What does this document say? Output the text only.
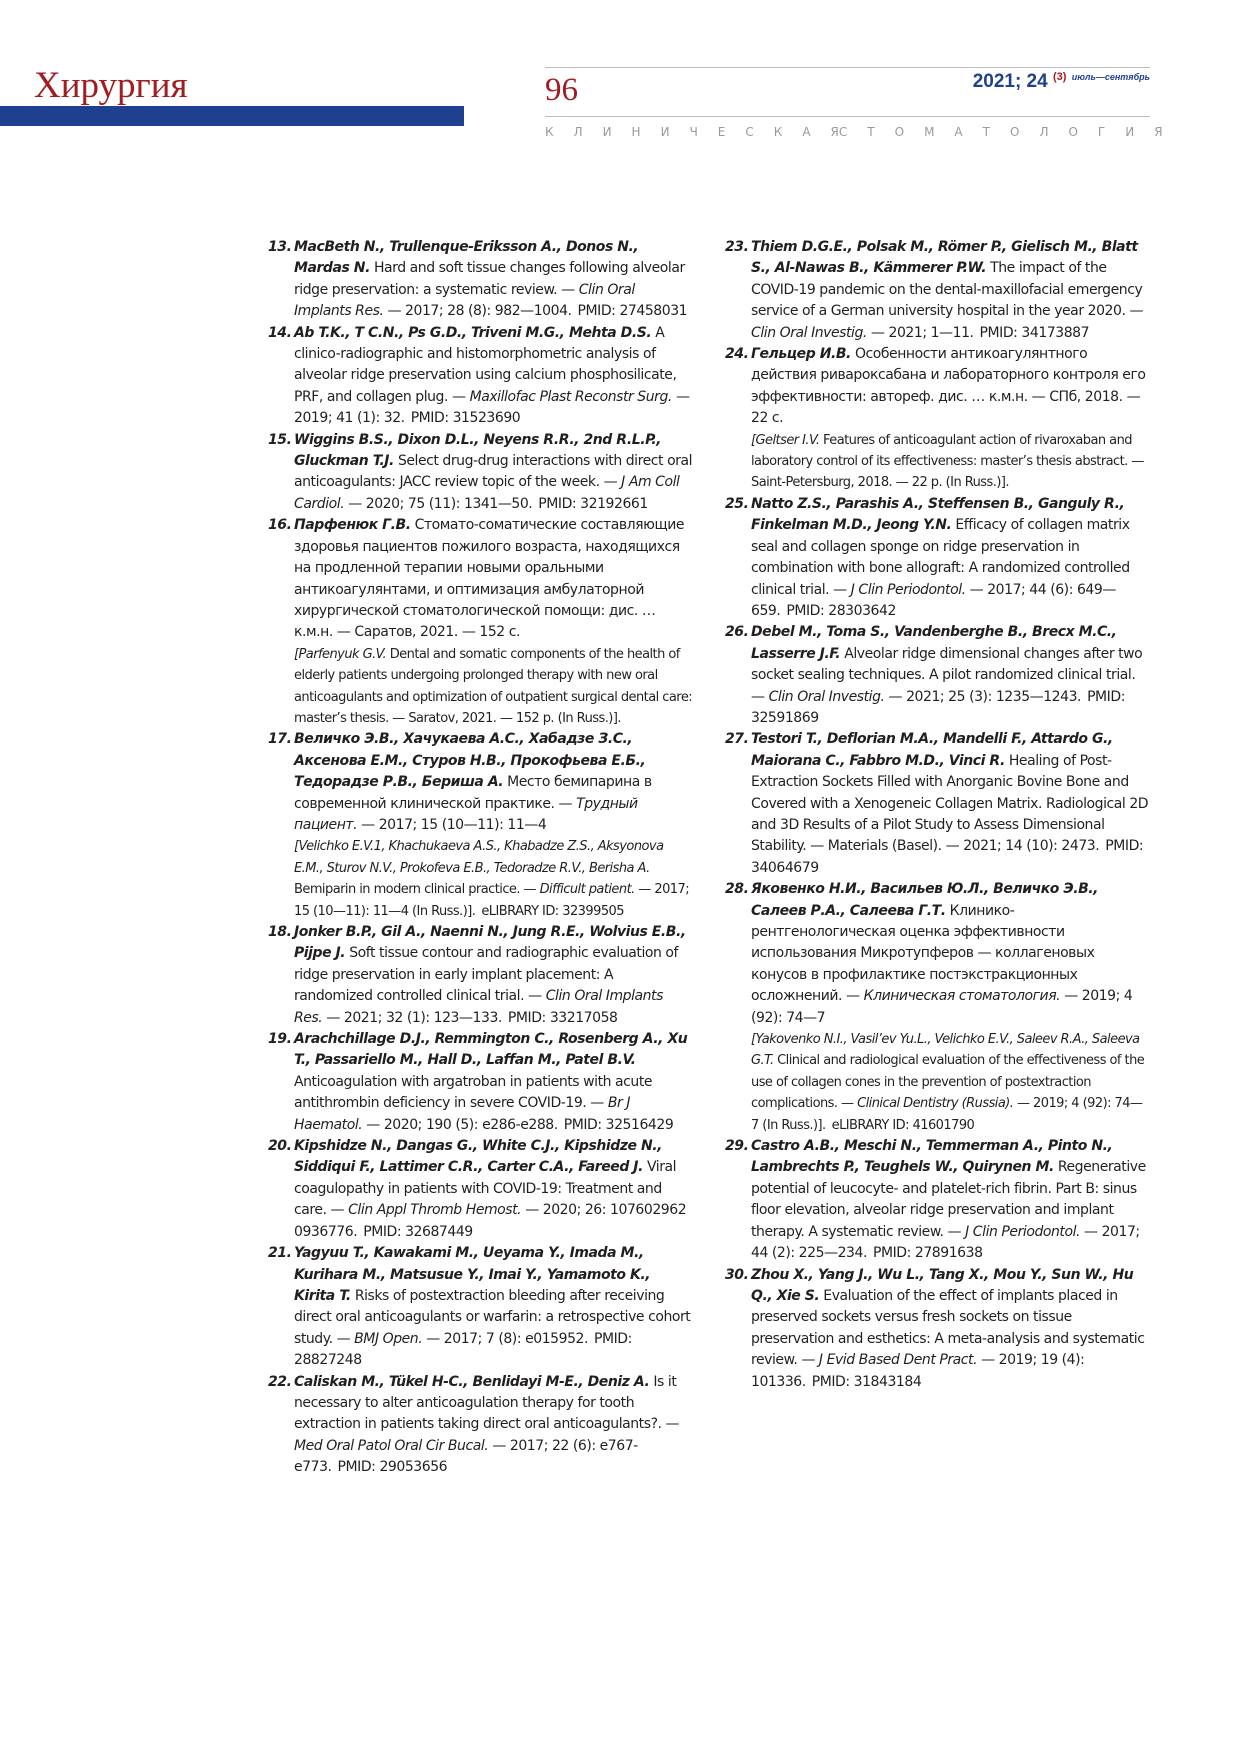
Хирургия	96	2021; 24 $^{(3)}$ $^{июль—сентябрь}$
К Л И Н И Ч Е С К А Я С Т О М А Т О Л О Г И Я
13. MacBeth N., Trullenque-Eriksson A., Donos N., Mardas N. Hard and soft tissue changes following alveolar ridge preservation: a systematic review. — Clin Oral Implants Res. — 2017; 28 (8): 982—1004. PMID: 27458031
14. Ab T.K., T C.N., Ps G.D., Triveni M.G., Mehta D.S. A clinico-radiographic and histomorphometric analysis of alveolar ridge preservation using calcium phosphosilicate, PRF, and collagen plug. — Maxillofac Plast Reconstr Surg. — 2019; 41 (1): 32. PMID: 31523690
15. Wiggins B.S., Dixon D.L., Neyens R.R., 2nd R.L.P., Gluckman T.J. Select drug-drug interactions with direct oral anticoagulants: JACC review topic of the week. — J Am Coll Cardiol. — 2020; 75 (11): 1341—50. PMID: 32192661
16. Парфенюк Г.В. Стомато-соматические составляющие здоровья пациентов пожилого возраста, находящихся на продленной терапии новыми оральными антикоагулянтами, и оптимизация амбулаторной хирургической стоматологической помощи: дис. … к.м.н. — Саратов, 2021. — 152 с.
[Parfenyuk G.V. Dental and somatic components of the health of elderly patients undergoing prolonged therapy with new oral anticoagulants and optimization of outpatient surgical dental care: master’s thesis. — Saratov, 2021. — 152 p. (In Russ.)].
17. Величко Э.В., Хачукаева А.С., Хабадзе З.С., Аксенова Е.М., Стуров Н.В., Прокофьева Е.Б., Тедорадзе Р.В., Бериша А. Место бемипарина в современной клинической практике. — Трудный пациент. — 2017; 15 (10—11): 11—4
[Velichko E.V.1, Khachukaeva A.S., Khabadze Z.S., Aksyonova E.M., Sturov N.V., Prokofeva E.B., Tedoradze R.V., Berisha A. Bemiparin in modern clinical practice. — Difficult patient. — 2017; 15 (10—11): 11—4 (In Russ.)]. eLIBRARY ID: 32399505
18. Jonker B.P., Gil A., Naenni N., Jung R.E., Wolvius E.B., Pijpe J. Soft tissue contour and radiographic evaluation of ridge preservation in early implant placement: A randomized controlled clinical trial. — Clin Oral Implants Res. — 2021; 32 (1): 123—133. PMID: 33217058
19. Arachchillage D.J., Remmington C., Rosenberg A., Xu T., Passariello M., Hall D., Laffan M., Patel B.V. Anticoagulation with argatroban in patients with acute antithrombin deficiency in severe COVID-19. — Br J Haematol. — 2020; 190 (5): e286-e288. PMID: 32516429
20. Kipshidze N., Dangas G., White C.J., Kipshidze N., Siddiqui F., Lattimer C.R., Carter C.A., Fareed J. Viral coagulopathy in patients with COVID-19: Treatment and care. — Clin Appl Thromb Hemost. — 2020; 26: 107602962 0936776. PMID: 32687449
21. Yagyuu T., Kawakami M., Ueyama Y., Imada M., Kurihara M., Matsusue Y., Imai Y., Yamamoto K., Kirita T. Risks of postextraction bleeding after receiving direct oral anticoagulants or warfarin: a retrospective cohort study. — BMJ Open. — 2017; 7 (8): e015952. PMID: 28827248
22. Caliskan M., Tükel H-C., Benlidayi M-E., Deniz A. Is it necessary to alter anticoagulation therapy for tooth extraction in patients taking direct oral anticoagulants?. — Med Oral Patol Oral Cir Bucal. — 2017; 22 (6): e767-e773. PMID: 29053656
23. Thiem D.G.E., Polsak M., Römer P., Gielisch M., Blatt S., Al-Nawas B., Kämmerer P.W. The impact of the COVID-19 pandemic on the dental-maxillofacial emergency service of a German university hospital in the year 2020. — Clin Oral Investig. — 2021; 1—11. PMID: 34173887
24. Гельцер И.В. Особенности антикоагулянтного действия ривароксабана и лабораторного контроля его эффективности: автореф. дис. … к.м.н. — СПб, 2018. — 22 с.
[Geltser I.V. Features of anticoagulant action of rivaroxaban and laboratory control of its effectiveness: master’s thesis abstract. — Saint-Petersburg, 2018. — 22 p. (In Russ.)].
25. Natto Z.S., Parashis A., Steffensen B., Ganguly R., Finkelman M.D., Jeong Y.N. Efficacy of collagen matrix seal and collagen sponge on ridge preservation in combination with bone allograft: A randomized controlled clinical trial. — J Clin Periodontol. — 2017; 44 (6): 649—659. PMID: 28303642
26. Debel M., Toma S., Vandenberghe B., Brecx M.C., Lasserre J.F. Alveolar ridge dimensional changes after two socket sealing techniques. A pilot randomized clinical trial. — Clin Oral Investig. — 2021; 25 (3): 1235—1243. PMID: 32591869
27. Testori T., Deflorian M.A., Mandelli F., Attardo G., Maiorana C., Fabbro M.D., Vinci R. Healing of Post-Extraction Sockets Filled with Anorganic Bovine Bone and Covered with a Xenogeneic Collagen Matrix. Radiological 2D and 3D Results of a Pilot Study to Assess Dimensional Stability. — Materials (Basel). — 2021; 14 (10): 2473. PMID: 34064679
28. Яковенко Н.И., Васильев Ю.Л., Величко Э.В., Салеев Р.А., Салеева Г.Т. Клинико-рентгенологическая оценка эффективности использования Микротупферов — коллагеновых конусов в профилактике постэкстракционных осложнений. — Клиническая стоматология. — 2019; 4 (92): 74—7
[Yakovenko N.I., Vasil’ev Yu.L., Velichko E.V., Saleev R.A., Saleeva G.T. Clinical and radiological evaluation of the effectiveness of the use of collagen cones in the prevention of postextraction complications. — Clinical Dentistry (Russia). — 2019; 4 (92): 74—7 (In Russ.)]. eLIBRARY ID: 41601790
29. Castro A.B., Meschi N., Temmerman A., Pinto N., Lambrechts P., Teughels W., Quirynen M. Regenerative potential of leucocyte- and platelet-rich fibrin. Part B: sinus floor elevation, alveolar ridge preservation and implant therapy. A systematic review. — J Clin Periodontol. — 2017; 44 (2): 225—234. PMID: 27891638
30. Zhou X., Yang J., Wu L., Tang X., Mou Y., Sun W., Hu Q., Xie S. Evaluation of the effect of implants placed in preserved sockets versus fresh sockets on tissue preservation and esthetics: A meta-analysis and systematic review. — J Evid Based Dent Pract. — 2019; 19 (4): 101336. PMID: 31843184
